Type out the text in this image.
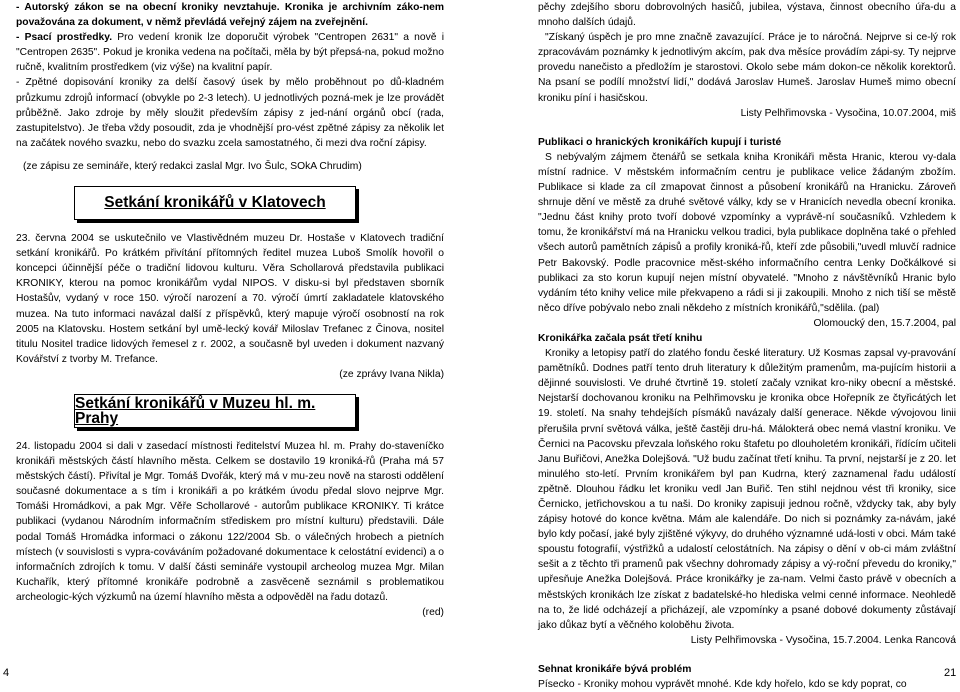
- Autorský zákon se na obecní kroniky nevztahuje. Kronika je archivním záko-nem považována za dokument, v němž převládá veřejný zájem na zveřejnění.

- Psací prostředky. Pro vedení kronik lze doporučit výrobek "Centropen 2631" a nově i "Centropen 2635". Pokud je kronika vedena na počítači, měla by být přepsá-na, pokud možno ručně, kvalitním prostředkem (viz výše) na kvalitní papír.

- Zpětné dopisování kroniky za delší časový úsek by mělo proběhnout po dů-kladném průzkumu zdrojů informací (obvykle po 2-3 letech). U jednotlivých pozná-mek je lze provádět průběžně. Jako zdroje by měly sloužit především zápisy z jed-nání orgánů obcí (rada, zastupitelstvo). Je třeba vždy posoudit, zda je vhodnější pro-vést zpětné zápisy za několik let na začátek nového svazku, nebo do svazku zcela samostatného, či mezi dva roční zápisy.

(ze zápisu ze semináře, který redakci zaslal Mgr. Ivo Šulc, SOkA Chrudim)

Setkání kronikářů v Klatovech

23. června 2004 se uskutečnilo ve Vlastivědném muzeu Dr. Hostaše v Klatovech tradiční setkání kronikářů. Po krátkém přivítání přítomných ředitel muzea Luboš Smolík hovořil o koncepci účinnější péče o tradiční lidovou kulturu. Věra Schollarová představila publikaci KRONIKY, kterou na pomoc kronikářům vydal NIPOS. V disku-si byl představen sborník Hostašův, vydaný v roce 150. výročí narození a 70. výročí úmrtí zakladatele klatovského muzea. Na tuto informaci navázal další z příspěvků, který mapuje výročí osobností na rok 2005 na Klatovsku. Hostem setkání byl umě-lecký kovář Miloslav Trefanec z Činova, nositel titulu Nositel tradice lidových řemesel z r. 2002, a současně byl uveden i dokument nazvaný Kovářství z tvorby M. Trefance.

(ze zprávy Ivana Nikla)

Setkání kronikářů v Muzeu hl. m. Prahy

24. listopadu 2004 si dali v zasedací místnosti ředitelství Muzea hl. m. Prahy do-staveníčko kronikáři městských částí hlavního města. Celkem se dostavilo 19 kroniká-řů (Praha má 57 městských částí). Přivítal je Mgr. Tomáš Dvořák, který má v mu-zeu nově na starosti oddělení současné dokumentace a s tím i kronikáři a po krátkém úvodu předal slovo nejprve Mgr. Tomáši Hromádkovi, a pak Mgr. Věře Schollarové - autorům publikace KRONIKY. Ti krátce publikaci (vydanou Národním informačním střediskem pro místní kulturu) představili. Dále podal Tomáš Hromádka informaci o zákonu 122/2004 Sb. o válečných hrobech a pietních místech (v souvislosti s vypra-cováváním požadované dokumentace k celostátní evidenci) a o informačních zdrojích k tomu. V další části semináře vystoupil archeolog muzea Mgr. Milan Kuchařík, který přítomné kronikáře podrobně a zasvěceně seznámil s problematikou archeologic-kých výzkumů na území hlavního města a odpověděl na řadu dotazů.

(red)

pěchy zdejšího sboru dobrovolných hasičů, jubilea, výstava, činnost obecního úřa-du a mnoho dalších údajů.

"Získaný úspěch je pro mne značně zavazující. Práce je to náročná. Nejprve si ce-lý rok zpracovávám poznámky k jednotlivým akcím, pak dva měsíce provádím zápi-sy. Ty nejprve provedu nanečisto a předložím je starostovi. Okolo sebe mám dokon-ce několik korektorů. Na psaní se podílí množství lidí," dodává Jaroslav Humeš. Jaroslav Humeš mimo obecní kroniku píní i hasičskou.

Listy Pelhřimovska - Vysočina, 10.07.2004, miš

Publikaci o hranických kronikářích kupují i turisté

S nebývalým zájmem čtenářů se setkala kniha Kronikáři města Hranic, kterou vy-dala místní radnice. V městském informačním centru je publikace velice žádaným zbožím. Publikace si klade za cíl zmapovat činnost a působení kronikářů na Hranicku. Zároveň shrnuje dění ve městě za druhé světové války, kdy se v Hranicích nevedla obecní kronika. "Jednu část knihy proto tvoří dobové vzpomínky a vyprávě-ní současníků. Vzhledem k tomu, že kronikářství má na Hranicku velkou tradici, byla publikace doplněna také o přehled všech autorů pamětních zápisů a profily kroniká-řů, kteří zde působili,"uvedl mluvčí radnice Petr Bakovský. Podle pracovnice měst-ského informačního centra Lenky Dočkálkové si publikaci za sto korun kupují nejen místní obyvatelé. "Mnoho z návštěvníků Hranic bylo vydáním této knihy velice mile překvapeno a rádi si ji zakoupili. Mnoho z nich tiší se městě něco dříve pobývalo nebo znali někdeho z místních kronikářů,"sdělila. (pal)

Olomoucký den, 15.7.2004, pal

Kronikářka začala psát třetí knihu

Kroniky a letopisy patří do zlatého fondu české literatury. Už Kosmas zapsal vy-pravování pamětníků. Dodnes patří tento druh literatury k důležitým pramenům, ma-pujícím historii a dějinné souvislosti. Ve druhé čtvrtině 19. století začaly vznikat kro-niky obecní a městské. Nejstarší dochovanou kroniku na Pelhřimovsku je kronika obce Hořepník ze čtyřicátých let 19. století. Na snahy tehdejších písmáků navázaly další generace. Někde vývojovou linii přerušila první světová válka, ještě častěji dru-há. Málokterá obec nemá vlastní kroniku. Ve Černici na Pacovsku převzala loňského roku štafetu po dlouholetém kronikáři, řídícím učiteli Janu Buřičovi, Anežka Dolejšová. "Už budu začínat třetí knihu. Ta první, nejstarší je z 20. let minulého sto-letí. Prvním kronikářem byl pan Kudrna, který zaznamenal řadu událostí zpětně. Dlouhou řádku let kroniku vedl Jan Buřič. Ten stihl nejdnou vést tři kroniky, sice Černicko, jetřichovskou a tu naši. Do kroniky zapisuji jednou ročně, vždycky tak, aby byly zápisy hotové do konce května. Mám ale kalendáře. Do nich si poznámky za-návám, jaké bylo kdy počasí, jaké byly zjištěné výkyvy, do druhého významné udá-losti v obci. Mám také spoustu fotografií, výstřižků a udalostí celostátních. Na zápisy o dění v ob-ci mám zvláštní sešit a z těchto tři pramenů pak všechny dohromady zápisy a vý-roční převedu do kroniky," upřesňuje Anežka Dolejšová. Práce kronikářky je za-nam. Velmi často právě v obecních a městských kronikách lze získat z badatelské-ho hlediska velmi cenné informace. Neohledě na to, že lidé odcházejí a přicházejí, ale vzpomínky a psané dobové dokumenty zůstávají jako důkaz bytí a věčného koloběhu života.

Listy Pelhřimovska - Vysočina, 15.7.2004. Lenka Rancová

Sehnat kronikáře bývá problém

Písecko - Kroniky mohou vyprávět mnohé. Kde kdy hořelo, kdo se kdy poprat, co

4	21
